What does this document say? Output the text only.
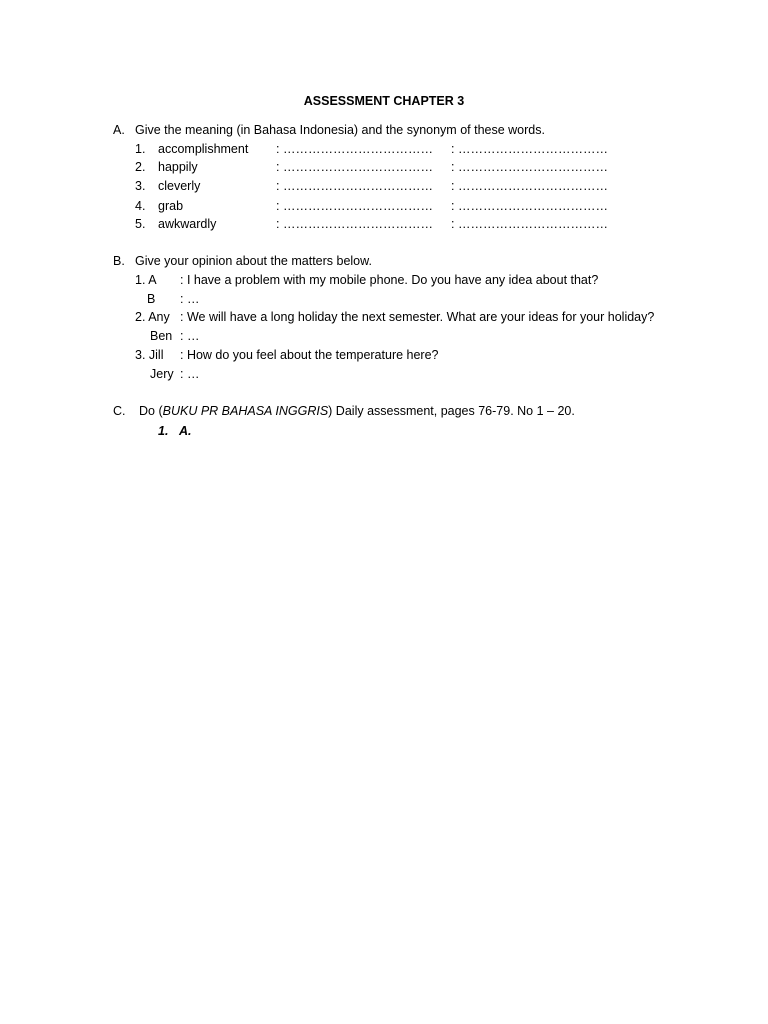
ASSESSMENT CHAPTER 3
A. Give the meaning (in Bahasa Indonesia) and the synonym of these words.
1. accomplishment : ……………………………… : ………………………………
2. happily	: ……………………………… : ………………………………
3. cleverly	: ……………………………… : ………………………………
4. grab	: ……………………………… : ………………………………
5. awkwardly	: ……………………………… : ………………………………
B. Give your opinion about the matters below.
1. A : I have a problem with my mobile phone. Do you have any idea about that?
B : …
2. Any : We will have a long holiday the next semester. What are your ideas for your holiday?
Ben : …
3. Jill : How do you feel about the temperature here?
Jery : …
C. Do (BUKU PR BAHASA INGGRIS) Daily assessment, pages 76-79. No 1 – 20.
1. A.
